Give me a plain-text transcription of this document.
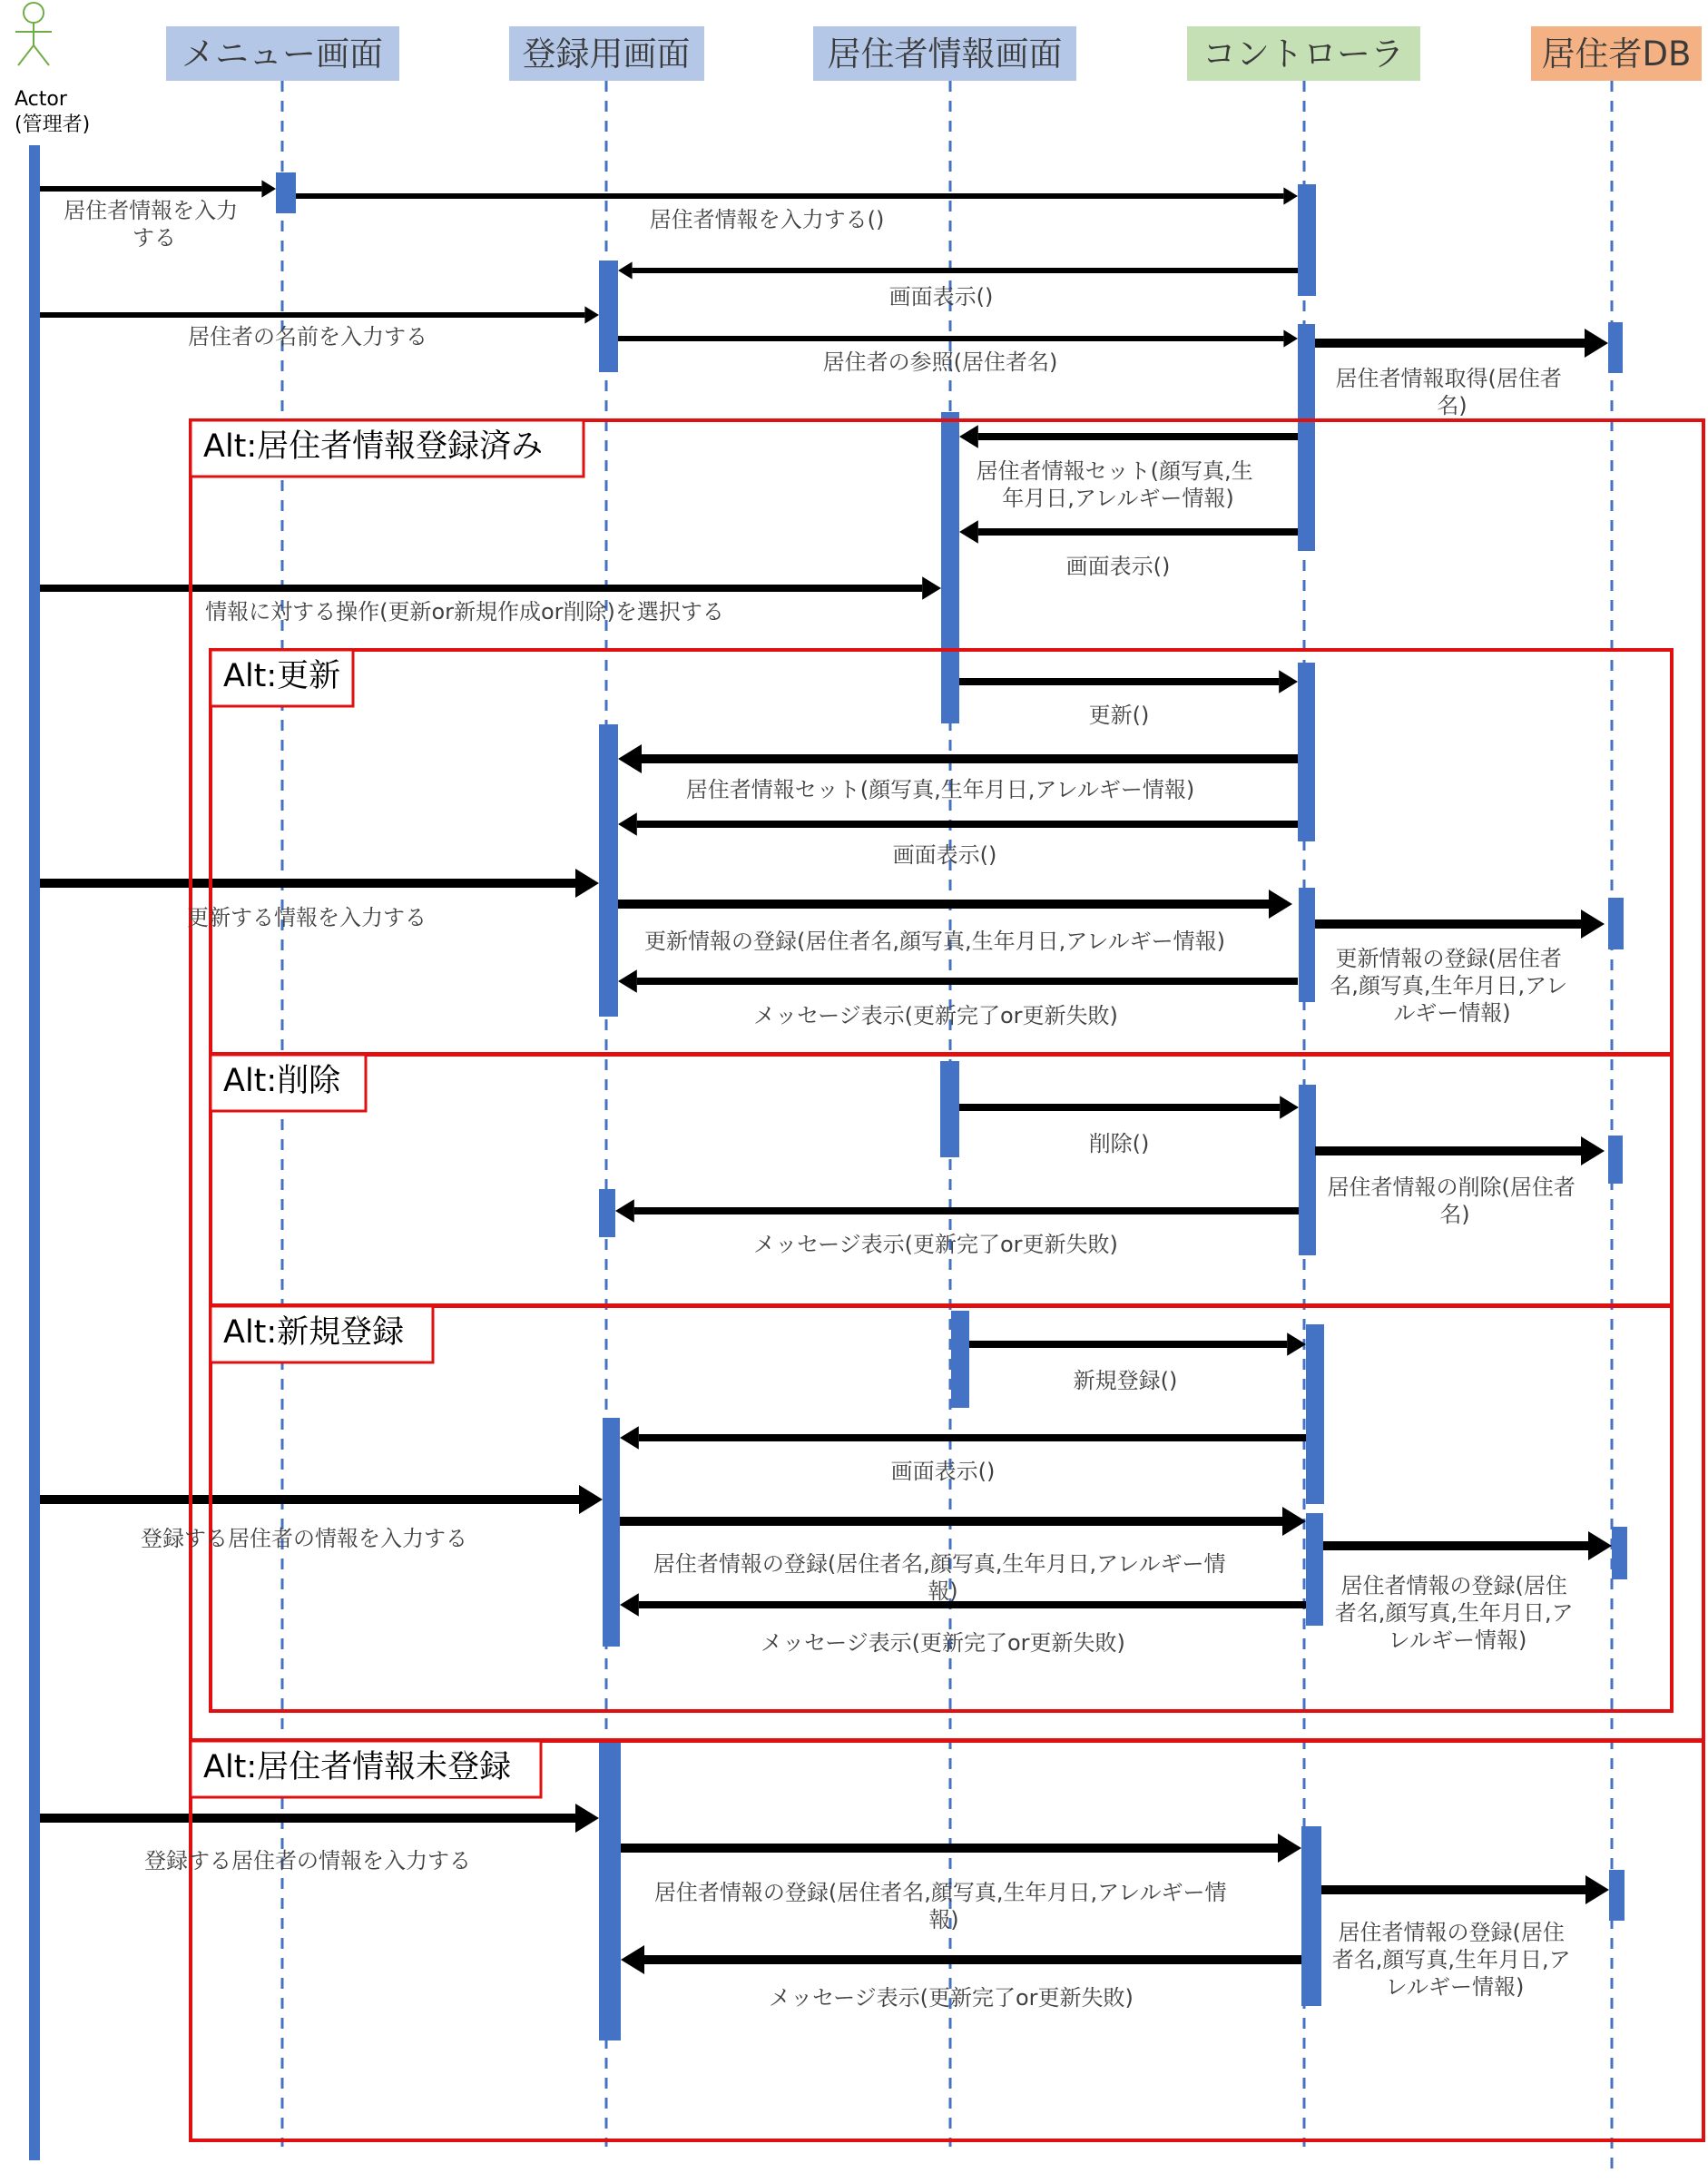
Actor
(管理者)
メニュー画面	登録用画面	居住者情報画面	コントローラ	居住者DB
Alt:居住者情報登録済み
Alt:更新
Alt:削除
Alt:新規登録
Alt:居住者情報未登録
居住者情報を入力 する
居住者情報を入力する()
画面表示()
居住者の名前を入力する
居住者の参照(居住者名)
居住者情報取得(居住者 名)
居住者情報セット(顔写真,生 年月日,アレルギー情報)
画面表示()
情報に対する操作(更新or新規作成or削除)を選択する
更新()
居住者情報セット(顔写真,生年月日,アレルギー情報)
画面表示()
更新する情報を入力する
更新情報の登録(居住者名,顔写真,生年月日,アレルギー情報)
更新情報の登録(居住者 名,顔写真,生年月日,アレ ルギー情報)
メッセージ表示(更新完了or更新失敗)
削除()
居住者情報の削除(居住者 名)
メッセージ表示(更新完了or更新失敗)
新規登録()
画面表示()
登録する居住者の情報を入力する
居住者情報の登録(居住者名,顔写真,生年月日,アレルギー情 報)	居住者情報の登録(居住 者名,顔写真,生年月日,ア レルギー情報)
メッセージ表示(更新完了or更新失敗)
登録する居住者の情報を入力する
居住者情報の登録(居住者名,顔写真,生年月日,アレルギー情 報)	居住者情報の登録(居住 者名,顔写真,生年月日,ア レルギー情報)
メッセージ表示(更新完了or更新失敗)
